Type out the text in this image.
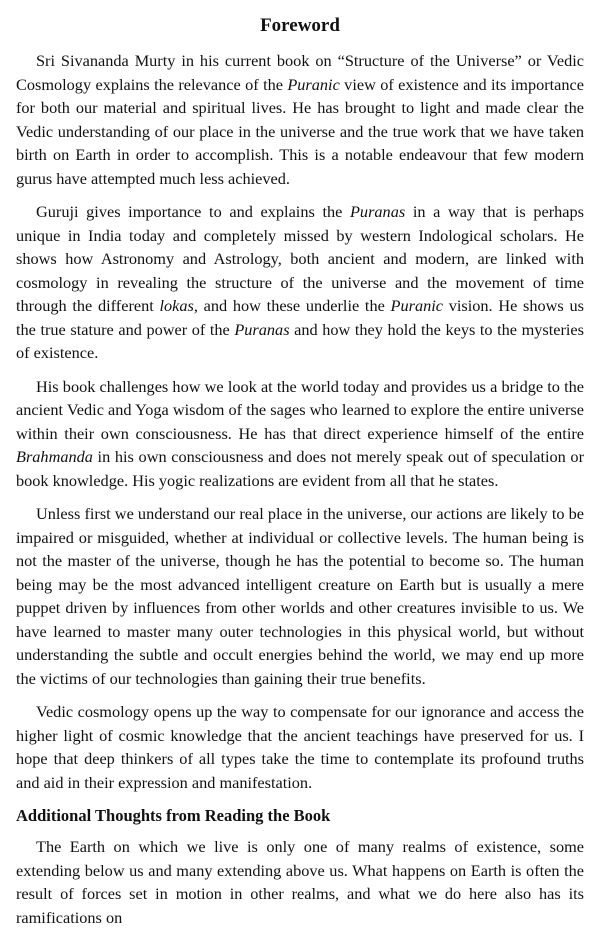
Foreword

Sri Sivananda Murty in his current book on “Structure of the Universe” or Vedic Cosmology explains the relevance of the Puranic view of existence and its importance for both our material and spiritual lives. He has brought to light and made clear the Vedic understanding of our place in the universe and the true work that we have taken birth on Earth in order to accomplish. This is a notable endeavour that few modern gurus have attempted much less achieved.

Guruji gives importance to and explains the Puranas in a way that is perhaps unique in India today and completely missed by western Indological scholars. He shows how Astronomy and Astrology, both ancient and modern, are linked with cosmology in revealing the structure of the universe and the movement of time through the different lokas, and how these underlie the Puranic vision. He shows us the true stature and power of the Puranas and how they hold the keys to the mysteries of existence.

His book challenges how we look at the world today and provides us a bridge to the ancient Vedic and Yoga wisdom of the sages who learned to explore the entire universe within their own consciousness. He has that direct experience himself of the entire Brahmanda in his own consciousness and does not merely speak out of speculation or book knowledge. His yogic realizations are evident from all that he states.

Unless first we understand our real place in the universe, our actions are likely to be impaired or misguided, whether at individual or collective levels. The human being is not the master of the universe, though he has the potential to become so. The human being may be the most advanced intelligent creature on Earth but is usually a mere puppet driven by influences from other worlds and other creatures invisible to us. We have learned to master many outer technologies in this physical world, but without understanding the subtle and occult energies behind the world, we may end up more the victims of our technologies than gaining their true benefits.

Vedic cosmology opens up the way to compensate for our ignorance and access the higher light of cosmic knowledge that the ancient teachings have preserved for us. I hope that deep thinkers of all types take the time to contemplate its profound truths and aid in their expression and manifestation.

Additional Thoughts from Reading the Book

The Earth on which we live is only one of many realms of existence, some extending below us and many extending above us. What happens on Earth is often the result of forces set in motion in other realms, and what we do here also has its ramifications on
